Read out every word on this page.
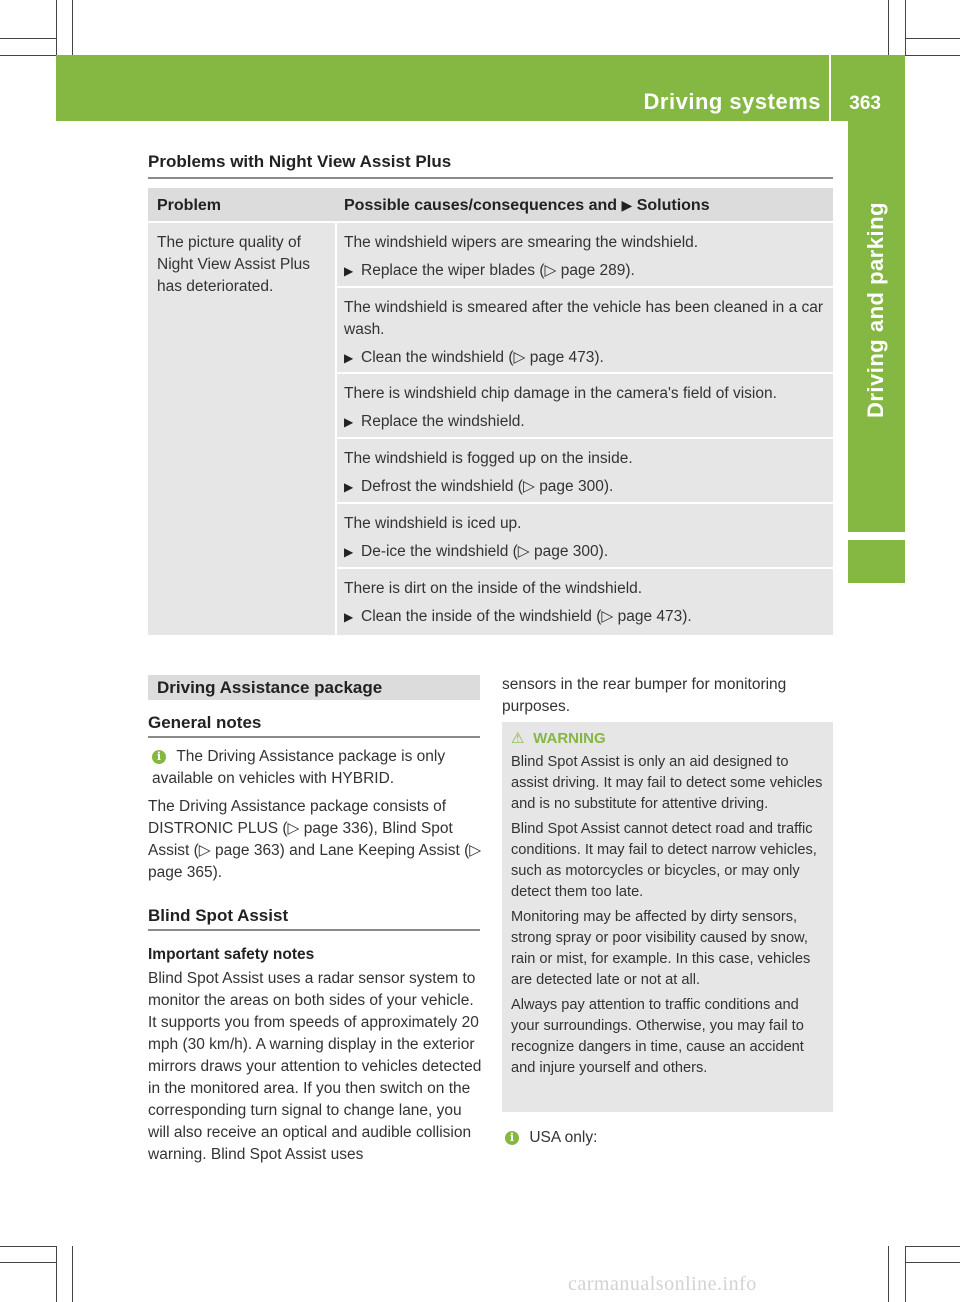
Driving systems 363
Driving and parking
Problems with Night View Assist Plus
Problem	Possible causes/consequences and ▶ Solutions
The picture quality of Night View Assist Plus has deteriorated.

The windshield wipers are smearing the windshield.

▶ Replace the wiper blades (▷ page 289).

The windshield is smeared after the vehicle has been cleaned in a car wash.

▶ Clean the windshield (▷ page 473).

There is windshield chip damage in the camera's field of vision.

▶ Replace the windshield.

The windshield is fogged up on the inside.

▶ Defrost the windshield (▷ page 300).

The windshield is iced up.

▶ De-ice the windshield (▷ page 300).

There is dirt on the inside of the windshield.

▶ Clean the inside of the windshield (▷ page 473).

Driving Assistance package
General notes
i The Driving Assistance package is only available on vehicles with HYBRID.
The Driving Assistance package consists of DISTRONIC PLUS (▷ page 336), Blind Spot Assist (▷ page 363) and Lane Keeping Assist (▷ page 365).
Blind Spot Assist
Important safety notes
Blind Spot Assist uses a radar sensor system to monitor the areas on both sides of your vehicle. It supports you from speeds of approximately 20 mph (30 km/h). A warning display in the exterior mirrors draws your attention to vehicles detected in the monitored area. If you then switch on the corresponding turn signal to change lane, you will also receive an optical and audible collision warning. Blind Spot Assist uses
sensors in the rear bumper for monitoring purposes.
⚠ WARNING

Blind Spot Assist is only an aid designed to assist driving. It may fail to detect some vehicles and is no substitute for attentive driving.

Blind Spot Assist cannot detect road and traffic conditions. It may fail to detect narrow vehicles, such as motorcycles or bicycles, or may only detect them too late.

Monitoring may be affected by dirty sensors, strong spray or poor visibility caused by snow, rain or mist, for example. In this case, vehicles are detected late or not at all.

Always pay attention to traffic conditions and your surroundings. Otherwise, you may fail to recognize dangers in time, cause an accident and injure yourself and others.

i USA only:
carmanualsonline.info
